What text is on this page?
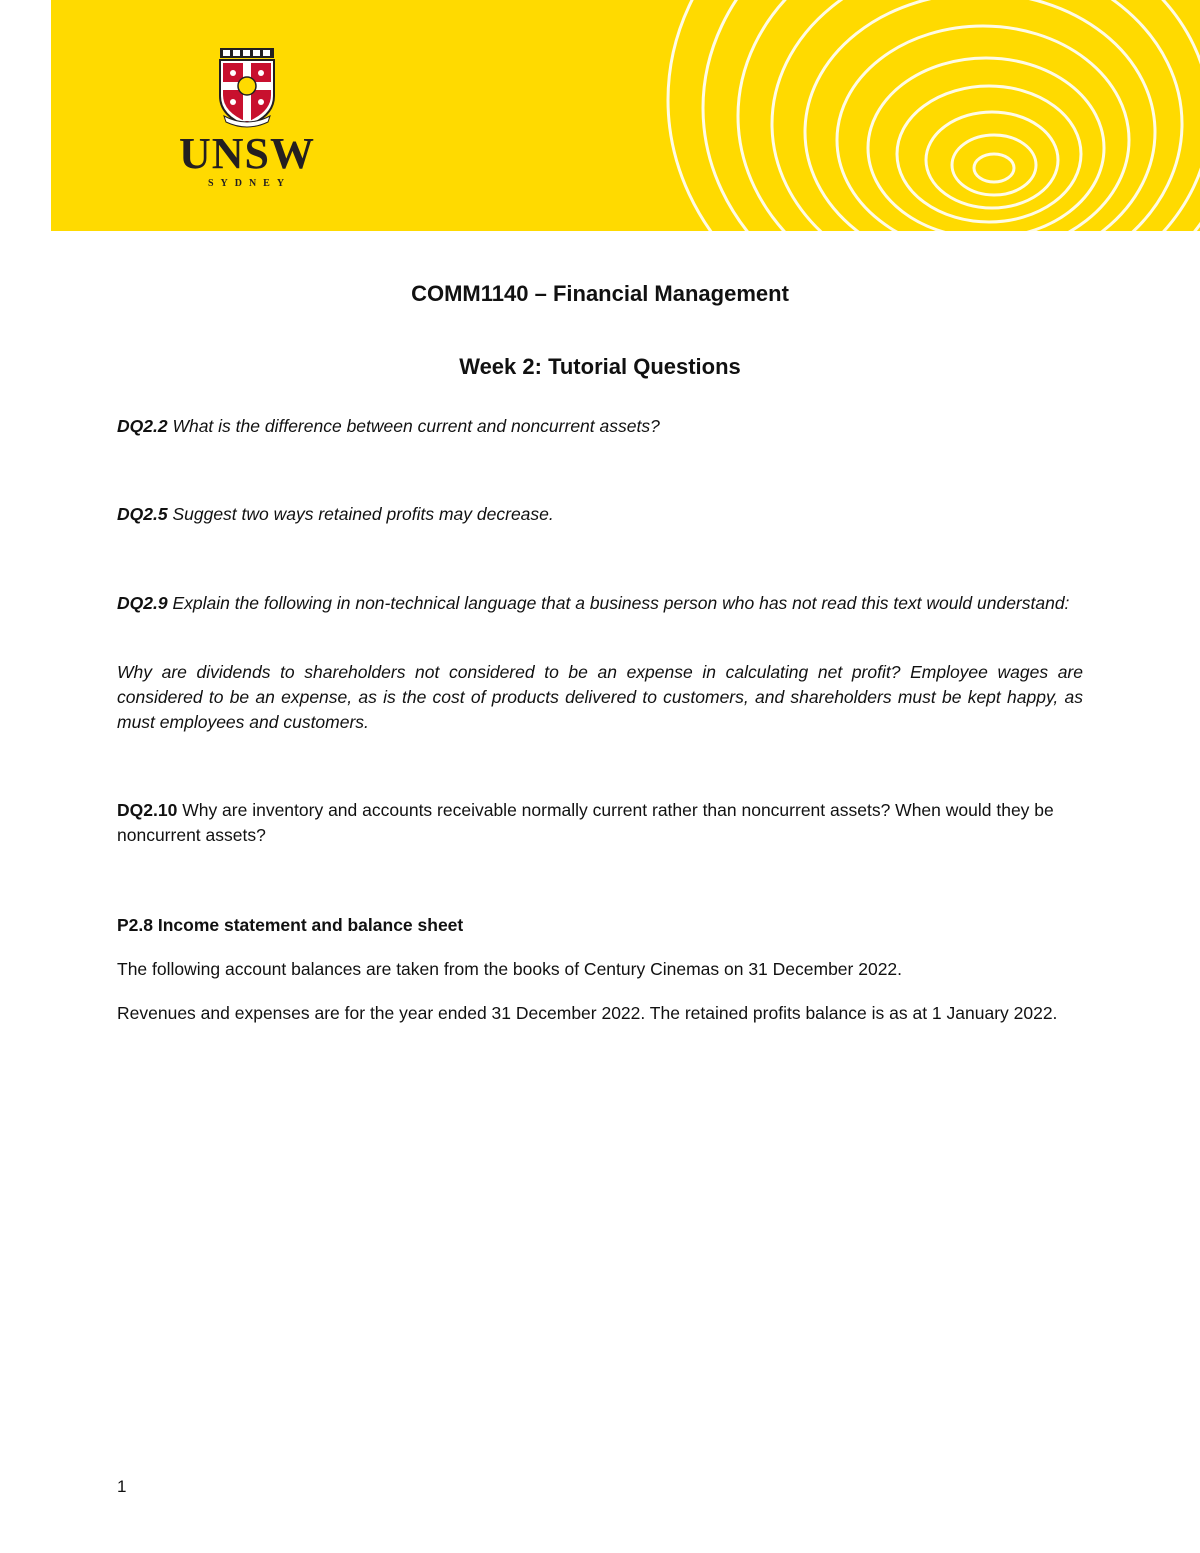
UNSW
SYDNEY
COMM1140 – Financial Management
Week 2: Tutorial Questions

DQ2.2 What is the difference between current and noncurrent assets?

DQ2.5 Suggest two ways retained profits may decrease.

DQ2.9 Explain the following in non-technical language that a business person who has not read this text would understand:

Why are dividends to shareholders not considered to be an expense in calculating net profit? Employee wages are considered to be an expense, as is the cost of products delivered to customers, and shareholders must be kept happy, as must employees and customers.

DQ2.10 Why are inventory and accounts receivable normally current rather than noncurrent assets? When would they be noncurrent assets?

P2.8 Income statement and balance sheet

The following account balances are taken from the books of Century Cinemas on 31 December 2022.

Revenues and expenses are for the year ended 31 December 2022. The retained profits balance is as at 1 January 2022.

1
